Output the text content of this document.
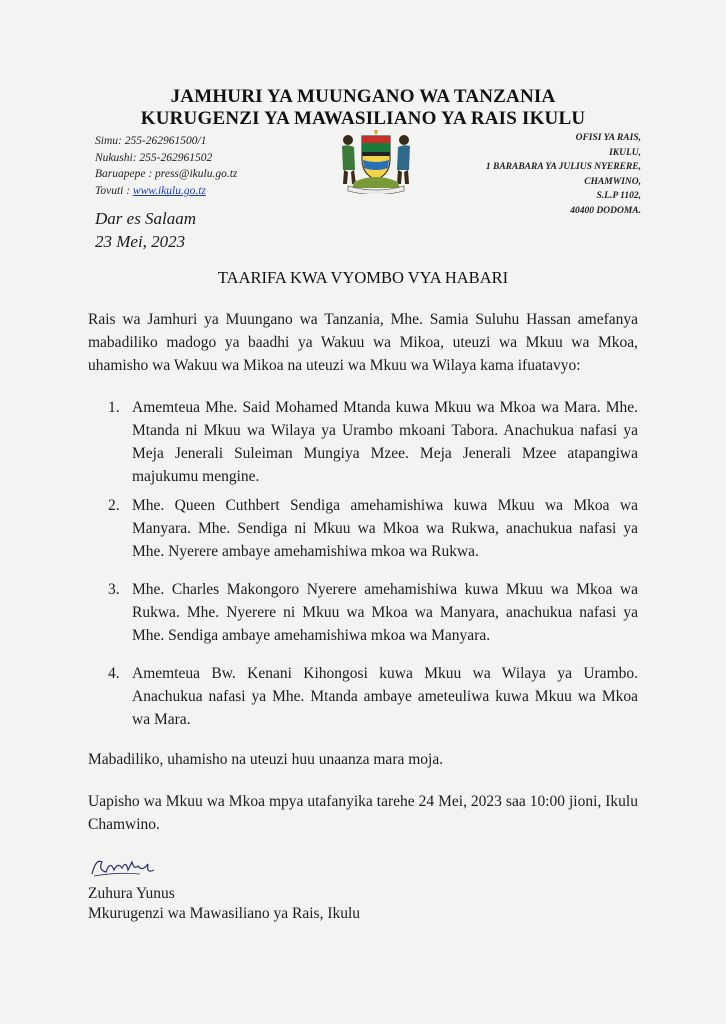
JAMHURI YA MUUNGANO WA TANZANIA
KURUGENZI YA MAWASILIANO YA RAIS IKULU
Simu: 255-262961500/1
Nukushi: 255-262961502
Baruapepe : press@ikulu.go.tz
Tovuti : www.ikulu.go.tz
OFISI YA RAIS,
IKULU,
1 BARABARA YA JULIUS NYERERE,
CHAMWINO,
S.L.P 1102,
40400 DODOMA.
Dar es Salaam
23 Mei, 2023
TAARIFA KWA VYOMBO VYA HABARI
Rais wa Jamhuri ya Muungano wa Tanzania, Mhe. Samia Suluhu Hassan amefanya mabadiliko madogo ya baadhi ya Wakuu wa Mikoa, uteuzi wa Mkuu wa Mkoa, uhamisho wa Wakuu wa Mikoa na uteuzi wa Mkuu wa Wilaya kama ifuatavyo:
1. Amemteua Mhe. Said Mohamed Mtanda kuwa Mkuu wa Mkoa wa Mara. Mhe. Mtanda ni Mkuu wa Wilaya ya Urambo mkoani Tabora. Anachukua nafasi ya Meja Jenerali Suleiman Mungiya Mzee. Meja Jenerali Mzee atapangiwa majukumu mengine.
2. Mhe. Queen Cuthbert Sendiga amehamishiwa kuwa Mkuu wa Mkoa wa Manyara. Mhe. Sendiga ni Mkuu wa Mkoa wa Rukwa, anachukua nafasi ya Mhe. Nyerere ambaye amehamishiwa mkoa wa Rukwa.
3. Mhe. Charles Makongoro Nyerere amehamishiwa kuwa Mkuu wa Mkoa wa Rukwa. Mhe. Nyerere ni Mkuu wa Mkoa wa Manyara, anachukua nafasi ya Mhe. Sendiga ambaye amehamishiwa mkoa wa Manyara.
4. Amemteua Bw. Kenani Kihongosi kuwa Mkuu wa Wilaya ya Urambo. Anachukua nafasi ya Mhe. Mtanda ambaye ameteuliwa kuwa Mkuu wa Mkoa wa Mara.
Mabadiliko, uhamisho na uteuzi huu unaanza mara moja.
Uapisho wa Mkuu wa Mkoa mpya utafanyika tarehe 24 Mei, 2023 saa 10:00 jioni, Ikulu Chamwino.
Zuhura Yunus
Mkurugenzi wa Mawasiliano ya Rais, Ikulu
